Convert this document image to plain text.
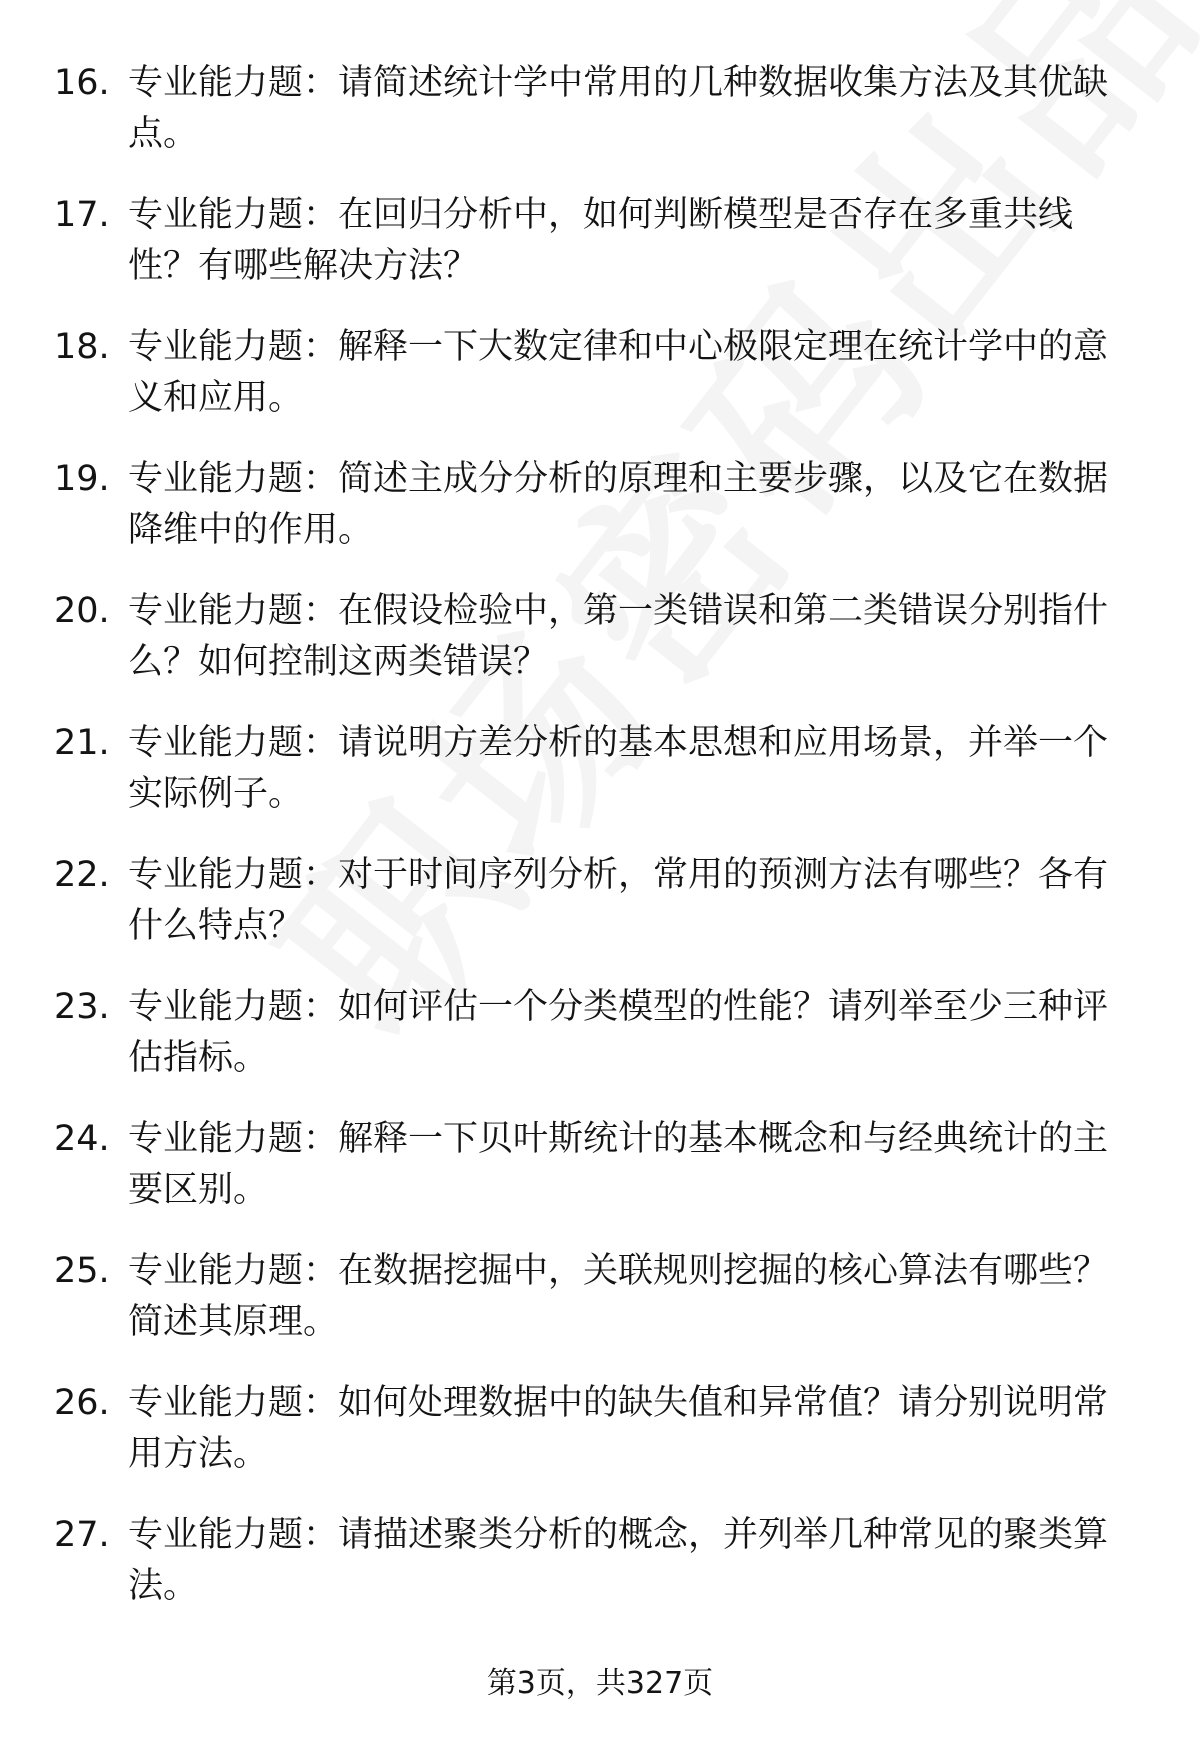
16. 专业能力题：请简述统计学中常用的几种数据收集方法及其优缺点。
17. 专业能力题：在回归分析中，如何判断模型是否存在多重共线性？有哪些解决方法？
18. 专业能力题：解释一下大数定律和中心极限定理在统计学中的意义和应用。
19. 专业能力题：简述主成分分析的原理和主要步骤，以及它在数据降维中的作用。
20. 专业能力题：在假设检验中，第一类错误和第二类错误分别指什么？如何控制这两类错误？
21. 专业能力题：请说明方差分析的基本思想和应用场景，并举一个实际例子。
22. 专业能力题：对于时间序列分析，常用的预测方法有哪些？各有什么特点？
23. 专业能力题：如何评估一个分类模型的性能？请列举至少三种评估指标。
24. 专业能力题：解释一下贝叶斯统计的基本概念和与经典统计的主要区别。
25. 专业能力题：在数据挖掘中，关联规则挖掘的核心算法有哪些？简述其原理。
26. 专业能力题：如何处理数据中的缺失值和异常值？请分别说明常用方法。
27. 专业能力题：请描述聚类分析的概念，并列举几种常见的聚类算法。
第3页，共327页
